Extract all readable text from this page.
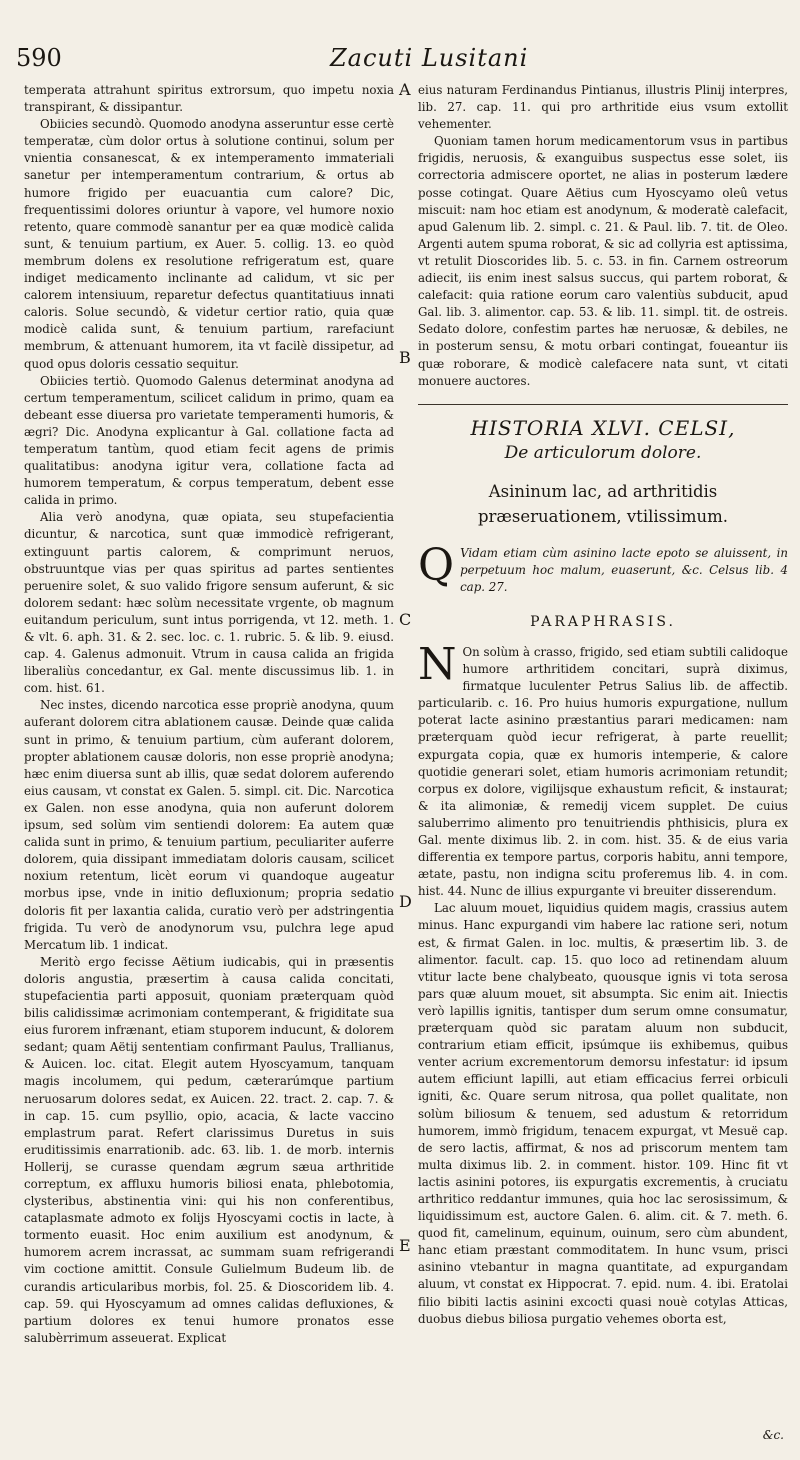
590	Zacuti Lusitani
A
B
C
D
E

temperata attrahunt spiritus extrorsum, quo impetu noxia transpirant, & dissipantur.

Obiicies secundò. Quomodo anodyna asseruntur esse certè temperatæ, cùm dolor ortus à solutione continui, solum per vnientia consanescat, & ex intemperamento immateriali sanetur per intemperamentum contrarium, & ortus ab humore frigido per euacuantia cum calore? Dic, frequentissimi dolores oriuntur à vapore, vel humore noxio retento, quare commodè sanantur per ea quæ modicè calida sunt, & tenuium partium, ex Auer. 5. collig. 13. eo quòd membrum dolens ex resolutione refrigeratum est, quare indiget medicamento inclinante ad calidum, vt sic per calorem intensiuum, reparetur defectus quantitatiuus innati caloris. Solue secundò, & videtur certior ratio, quia quæ modicè calida sunt, & tenuium partium, rarefaciunt membrum, & attenuant humorem, ita vt facilè dissipetur, ad quod opus doloris cessatio sequitur.

Obiicies tertiò. Quomodo Galenus determinat anodyna ad certum temperamentum, scilicet calidum in primo, quam ea debeant esse diuersa pro varietate temperamenti humoris, & ægri? Dic. Anodyna explicantur à Gal. collatione facta ad temperatum tantùm, quod etiam fecit agens de primis qualitatibus: anodyna igitur vera, collatione facta ad humorem temperatum, & corpus temperatum, debent esse calida in primo.

Alia verò anodyna, quæ opiata, seu stupefacientia dicuntur, & narcotica, sunt quæ immodicè refrigerant, extinguunt partis calorem, & comprimunt neruos, obstruuntque vias per quas spiritus ad partes sentientes peruenire solet, & suo valido frigore sensum auferunt, & sic dolorem sedant: hæc solùm necessitate vrgente, ob magnum euitandum periculum, sunt intus porrigenda, vt 12. meth. 1. & vlt. 6. aph. 31. & 2. sec. loc. c. 1. rubric. 5. & lib. 9. eiusd. cap. 4. Galenus admonuit. Vtrum in causa calida an frigida liberaliùs concedantur, ex Gal. mente discussimus lib. 1. in com. hist. 61.

Nec instes, dicendo narcotica esse propriè anodyna, quum auferant dolorem citra ablationem causæ. Deinde quæ calida sunt in primo, & tenuium partium, cùm auferant dolorem, propter ablationem causæ doloris, non esse propriè anodyna; hæc enim diuersa sunt ab illis, quæ sedat dolorem auferendo eius causam, vt constat ex Galen. 5. simpl. cit. Dic. Narcotica ex Galen. non esse anodyna, quia non auferunt dolorem ipsum, sed solùm vim sentiendi dolorem: Ea autem quæ calida sunt in primo, & tenuium partium, peculiariter auferre dolorem, quia dissipant immediatam doloris causam, scilicet noxium retentum, licèt eorum vi quandoque augeatur morbus ipse, vnde in initio defluxionum; propria sedatio doloris fit per laxantia calida, curatio verò per adstringentia frigida. Tu verò de anodynorum vsu, pulchra lege apud Mercatum lib. 1 indicat.

Meritò ergo fecisse Aëtium iudicabis, qui in præsentis doloris angustia, præsertim à causa calida concitati, stupefacientia parti apposuit, quoniam præterquam quòd bilis calidissimæ acrimoniam contemperant, & frigiditate sua eius furorem infrænant, etiam stuporem inducunt, & dolorem sedant; quam Aëtij sententiam confirmant Paulus, Trallianus, & Auicen. loc. citat. Elegit autem Hyoscyamum, tanquam magis incolumem, qui pedum, cæterarúmque partium neruosarum dolores sedat, ex Auicen. 22. tract. 2. cap. 7. & in cap. 15. cum psyllio, opio, acacia, & lacte vaccino emplastrum parat. Refert clarissimus Duretus in suis eruditissimis enarrationib. adc. 63. lib. 1. de morb. internis Hollerij, se curasse quendam ægrum sæua arthritide correptum, ex affluxu humoris biliosi enata, phlebotomia, clysteribus, abstinentia vini: qui his non conferentibus, cataplasmate admoto ex folijs Hyoscyami coctis in lacte, à tormento euasit. Hoc enim auxilium est anodynum, & humorem acrem incrassat, ac summam suam refrigerandi vim coctione amittit. Consule Gulielmum Budeum lib. de curandis articularibus morbis, fol. 25. & Dioscoridem lib. 4. cap. 59. qui Hyoscyamum ad omnes calidas defluxiones, & partium dolores ex tenui humore pronatos esse salubèrrimum asseuerat. Explicat

eius naturam Ferdinandus Pintianus, illustris Plinij interpres, lib. 27. cap. 11. qui pro arthritide eius vsum extollit vehementer.

Quoniam tamen horum medicamentorum vsus in partibus frigidis, neruosis, & exanguibus suspectus esse solet, iis correctoria admiscere oportet, ne alias in posterum lædere posse cotingat. Quare Aëtius cum Hyoscyamo oleû vetus miscuit: nam hoc etiam est anodynum, & moderatè calefacit, apud Galenum lib. 2. simpl. c. 21. & Paul. lib. 7. tit. de Oleo. Argenti autem spuma roborat, & sic ad collyria est aptissima, vt retulit Dioscorides lib. 5. c. 53. in fin. Carnem ostreorum adiecit, iis enim inest salsus succus, qui partem roborat, & calefacit: quia ratione eorum caro valentiùs subducit, apud Gal. lib. 3. alimentor. cap. 53. & lib. 11. simpl. tit. de ostreis. Sedato dolore, confestim partes hæ neruosæ, & debiles, ne in posterum sensu, & motu orbari contingat, foueantur iis quæ roborare, & modicè calefacere nata sunt, vt citati monuere auctores.

HISTORIA XLVI. CELSI,

De articulorum dolore.

Asininum lac, ad arthritidis præseruationem, vtilissimum.

Q Vidam etiam cùm asinino lacte epoto se aluissent, in perpetuum hoc malum, euaserunt, &c. Celsus lib. 4 cap. 27.

PARAPHRASIS.

N On solùm à crasso, frigido, sed etiam subtili calidoque humore arthritidem concitari, suprà diximus, firmatque luculenter Petrus Salius lib. de affectib. particularib. c. 16. Pro huius humoris expurgatione, nullum poterat lacte asinino præstantius parari medicamen: nam præterquam quòd iecur refrigerat, à parte reuellit; expurgata copia, quæ ex humoris intemperie, & calore quotidie generari solet, etiam humoris acrimoniam retundit; corpus ex dolore, vigilijsque exhaustum reficit, & instaurat; & ita alimoniæ, & remedij vicem supplet. De cuius saluberrimo alimento pro tenuitriendis phthisicis, plura ex Gal. mente diximus lib. 2. in com. hist. 35. & de eius varia differentia ex tempore partus, corporis habitu, anni tempore, ætate, pastu, non indigna scitu proferemus lib. 4. in com. hist. 44. Nunc de illius expurgante vi breuiter disserendum.

Lac aluum mouet, liquidius quidem magis, crassius autem minus. Hanc expurgandi vim habere lac ratione seri, notum est, & firmat Galen. in loc. multis, & præsertim lib. 3. de alimentor. facult. cap. 15. quo loco ad retinendam aluum vtitur lacte bene chalybeato, quousque ignis vi tota serosa pars quæ aluum mouet, sit absumpta. Sic enim ait. Iniectis verò lapillis ignitis, tantisper dum serum omne consumatur, præterquam quòd sic paratam aluum non subducit, contrarium etiam efficit, ipsúmque iis exhibemus, quibus venter acrium excrementorum demorsu infestatur: id ipsum autem efficiunt lapilli, aut etiam efficacius ferrei orbiculi igniti, &c. Quare serum nitrosa, qua pollet qualitate, non solùm biliosum & tenuem, sed adustum & retorridum humorem, immò frigidum, tenacem expurgat, vt Mesuë cap. de sero lactis, affirmat, & nos ad priscorum mentem tam multa diximus lib. 2. in comment. histor. 109. Hinc fit vt lactis asinini potores, iis expurgatis excrementis, à cruciatu arthritico reddantur immunes, quia hoc lac serosissimum, & liquidissimum est, auctore Galen. 6. alim. cit. & 7. meth. 6. quod fit, camelinum, equinum, ouinum, sero cùm abundent, hanc etiam præstant commoditatem. In hunc vsum, prisci asinino vtebantur in magna quantitate, ad expurgandam aluum, vt constat ex Hippocrat. 7. epid. num. 4. ibi. Eratolai filio bibiti lactis asinini excocti quasi nouè cotylas Atticas, duobus diebus biliosa purgatio vehemes oborta est,

&c.
